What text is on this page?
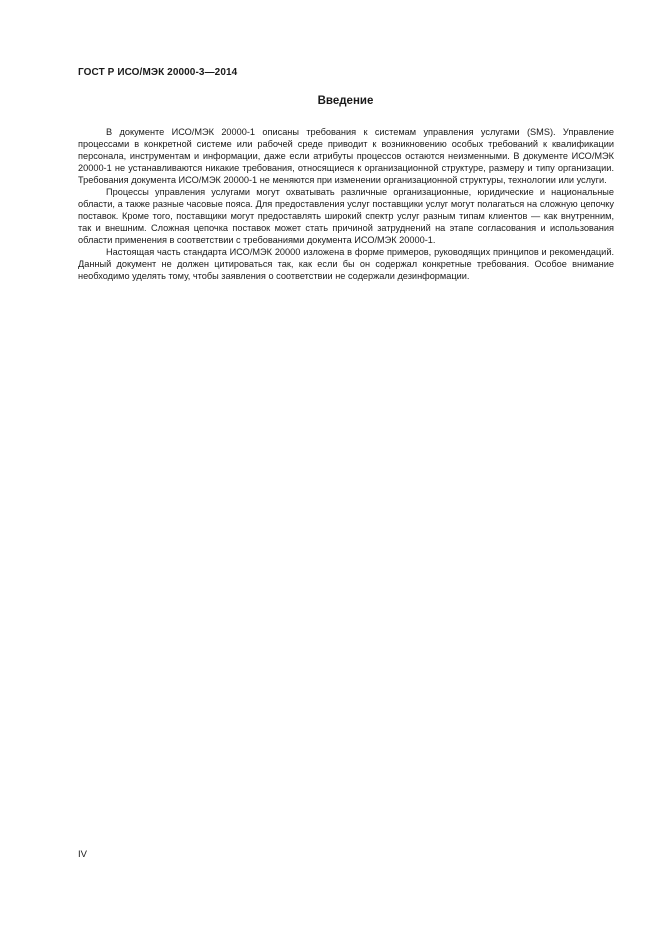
ГОСТ Р ИСО/МЭК 20000-3—2014
Введение

В документе ИСО/МЭК 20000-1 описаны требования к системам управления услугами (SMS). Управление процессами в конкретной системе или рабочей среде приводит к возникновению особых требований к квалификации персонала, инструментам и информации, даже если атрибуты процессов остаются неизменными. В документе ИСО/МЭК 20000-1 не устанавливаются никакие требования, относящиеся к организационной структуре, размеру и типу организации. Требования документа ИСО/МЭК 20000-1 не меняются при изменении организационной структуры, технологии или услуги.

Процессы управления услугами могут охватывать различные организационные, юридические и национальные области, а также разные часовые пояса. Для предоставления услуг поставщики услуг могут полагаться на сложную цепочку поставок. Кроме того, поставщики могут предоставлять широкий спектр услуг разным типам клиентов — как внутренним, так и внешним. Сложная цепочка поставок может стать причиной затруднений на этапе согласования и использования области применения в соответствии с требованиями документа ИСО/МЭК 20000-1.

Настоящая часть стандарта ИСО/МЭК 20000 изложена в форме примеров, руководящих принципов и рекомендаций. Данный документ не должен цитироваться так, как если бы он содержал конкретные требования. Особое внимание необходимо уделять тому, чтобы заявления о соответствии не содержали дезинформации.

IV
